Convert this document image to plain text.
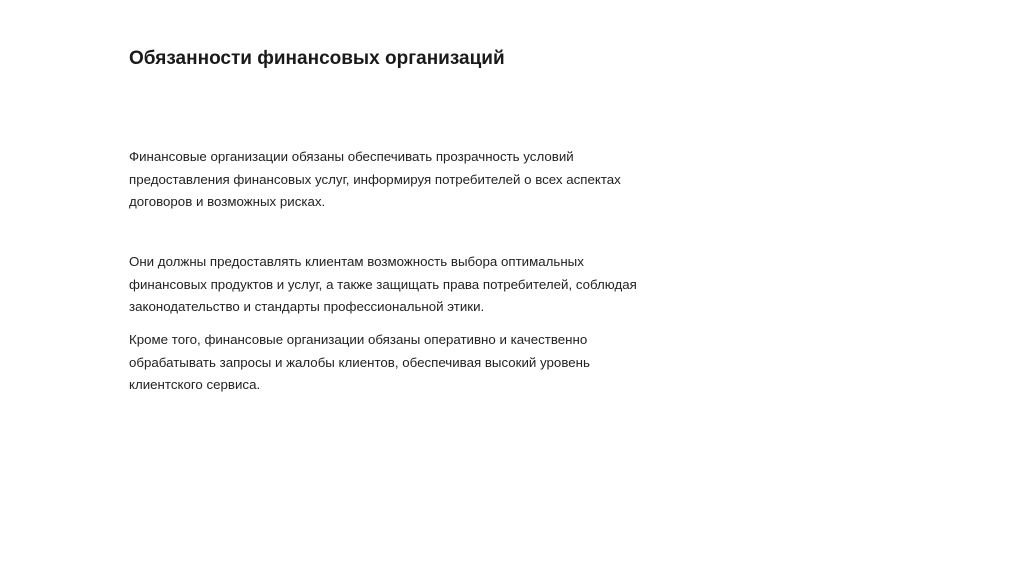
Обязанности финансовых организаций

Финансовые организации обязаны обеспечивать прозрачность условий
предоставления финансовых услуг, информируя потребителей о всех аспектах
договоров и возможных рисках.

Они должны предоставлять клиентам возможность выбора оптимальных
финансовых продуктов и услуг, а также защищать права потребителей, соблюдая
законодательство и стандарты профессиональной этики.

Кроме того, финансовые организации обязаны оперативно и качественно
обрабатывать запросы и жалобы клиентов, обеспечивая высокий уровень
клиентского сервиса.
